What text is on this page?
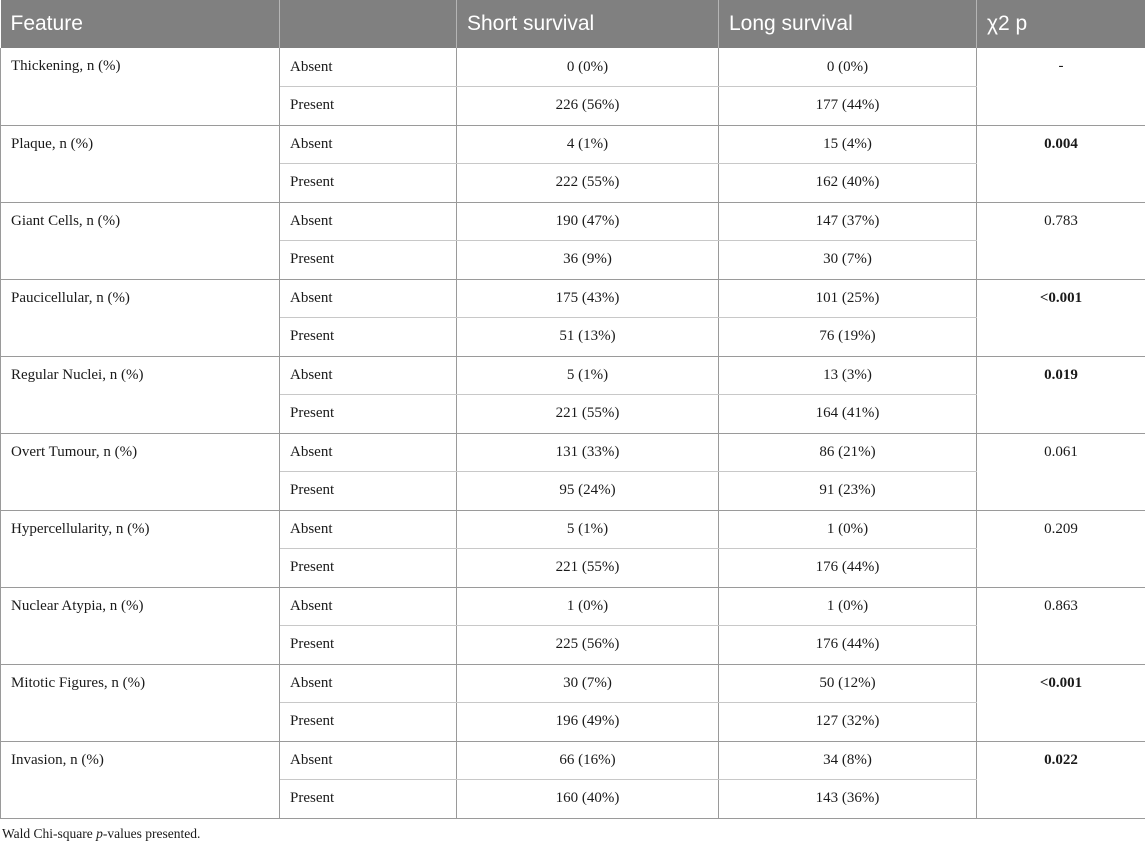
Feature		Short survival	Long survival	χ2 p
Thickening, n (%)	Absent	0 (0%)	0 (0%)	-
	Present	226 (56%)	177 (44%)	
Plaque, n (%)	Absent	4 (1%)	15 (4%)	0.004
	Present	222 (55%)	162 (40%)	
Giant Cells, n (%)	Absent	190 (47%)	147 (37%)	0.783
	Present	36 (9%)	30 (7%)	
Paucicellular, n (%)	Absent	175 (43%)	101 (25%)	<0.001
	Present	51 (13%)	76 (19%)	
Regular Nuclei, n (%)	Absent	5 (1%)	13 (3%)	0.019
	Present	221 (55%)	164 (41%)	
Overt Tumour, n (%)	Absent	131 (33%)	86 (21%)	0.061
	Present	95 (24%)	91 (23%)	
Hypercellularity, n (%)	Absent	5 (1%)	1 (0%)	0.209
	Present	221 (55%)	176 (44%)	
Nuclear Atypia, n (%)	Absent	1 (0%)	1 (0%)	0.863
	Present	225 (56%)	176 (44%)	
Mitotic Figures, n (%)	Absent	30 (7%)	50 (12%)	<0.001
	Present	196 (49%)	127 (32%)	
Invasion, n (%)	Absent	66 (16%)	34 (8%)	0.022
	Present	160 (40%)	143 (36%)	
Wald Chi-square p-values presented.
